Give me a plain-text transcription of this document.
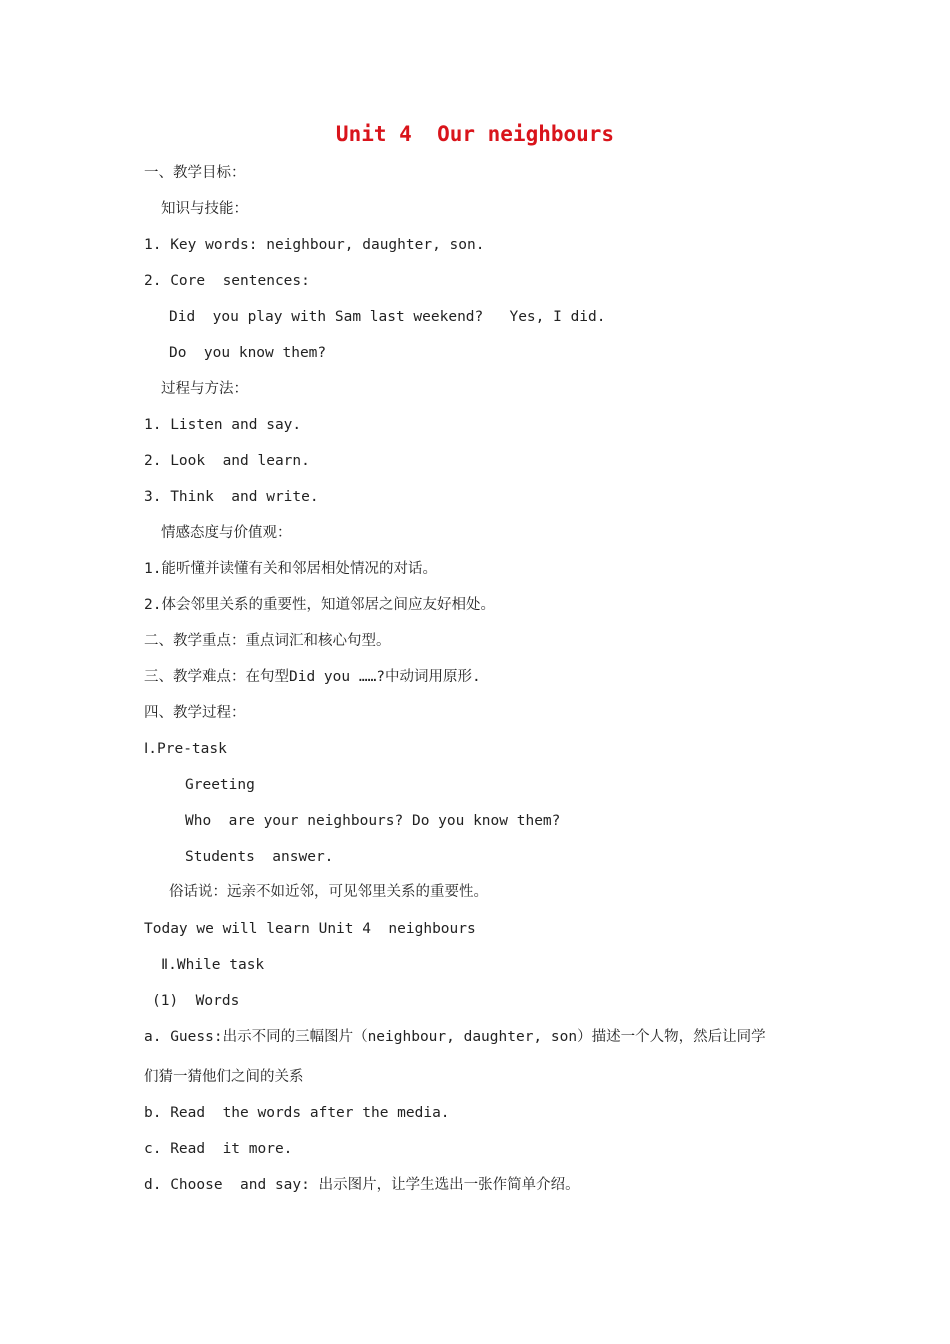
Unit 4  Our neighbours
一、教学目标：
知识与技能：
1. Key words: neighbour, daughter, son.
2. Core  sentences:
Did  you play with Sam last weekend?   Yes, I did.
Do  you know them?
过程与方法：
1. Listen and say.
2. Look  and learn.
3. Think  and write.
情感态度与价值观：
1.能听懂并读懂有关和邻居相处情况的对话。
2.体会邻里关系的重要性，知道邻居之间应友好相处。
二、教学重点：重点词汇和核心句型。
三、教学难点：在句型Did you ……?中动词用原形.
四、教学过程：
Ⅰ.Pre-task
Greeting
Who  are your neighbours? Do you know them?
Students  answer.
俗话说：远亲不如近邻，可见邻里关系的重要性。
Today we will learn Unit 4  neighbours
Ⅱ.While task
(1)  Words
a. Guess:出示不同的三幅图片（neighbour, daughter, son）描述一个人物，然后让同学
们猜一猜他们之间的关系
b. Read  the words after the media.
c. Read  it more.
d. Choose  and say: 出示图片，让学生选出一张作简单介绍。
